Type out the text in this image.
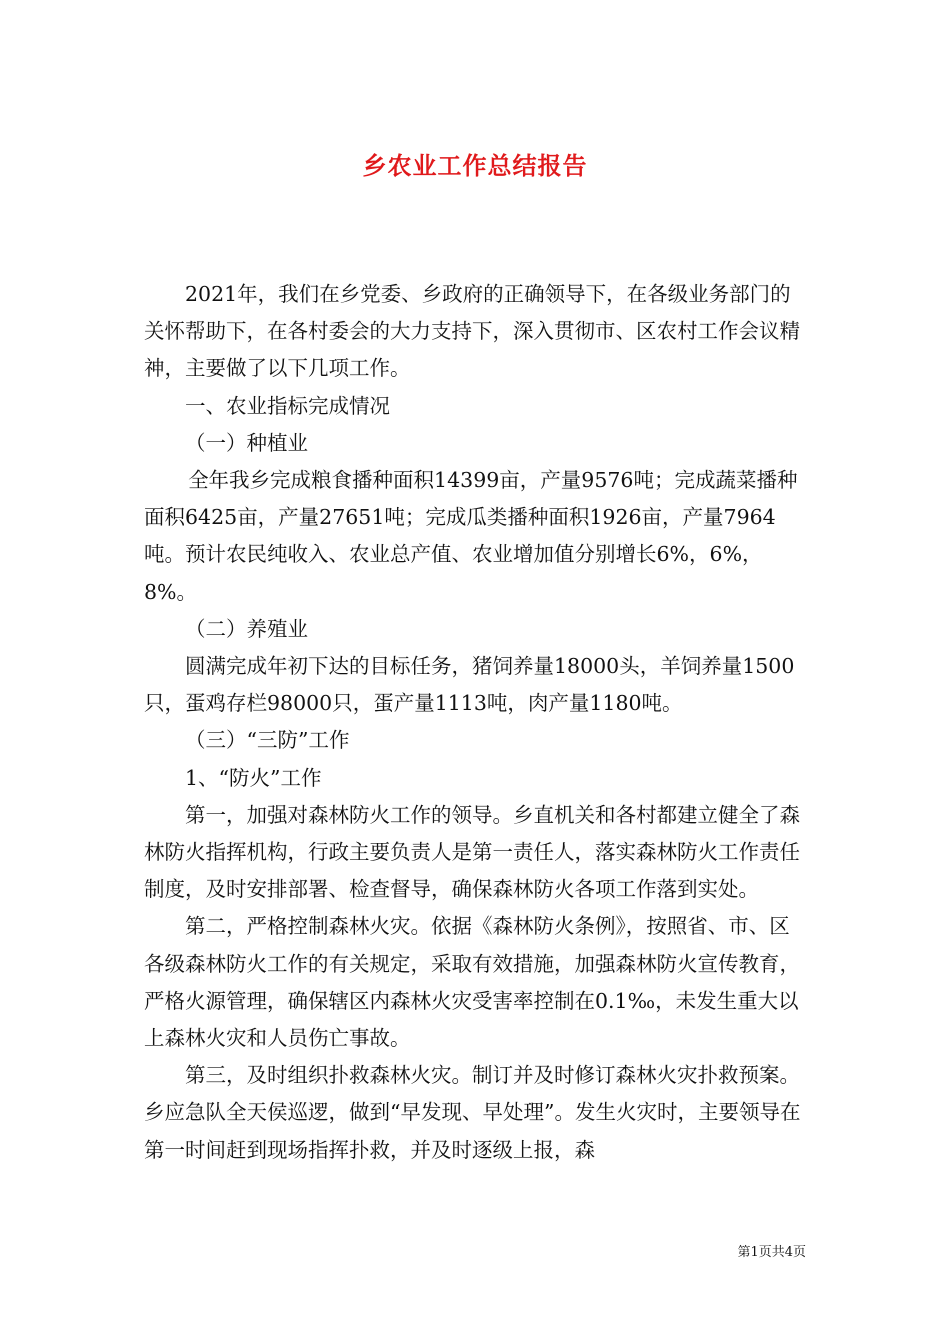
乡农业工作总结报告

2021年，我们在乡党委、乡政府的正确领导下，在各级业务部门的关怀帮助下，在各村委会的大力支持下，深入贯彻市、区农村工作会议精神，主要做了以下几项工作。

一、农业指标完成情况

（一）种植业

全年我乡完成粮食播种面积14399亩，产量9576吨；完成蔬菜播种面积6425亩，产量27651吨；完成瓜类播种面积1926亩，产量7964吨。预计农民纯收入、农业总产值、农业增加值分别增长6%，6%，8%。

（二）养殖业

圆满完成年初下达的目标任务，猪饲养量18000头，羊饲养量1500只，蛋鸡存栏98000只，蛋产量1113吨，肉产量1180吨。

（三）“三防”工作

1、“防火”工作

第一，加强对森林防火工作的领导。乡直机关和各村都建立健全了森林防火指挥机构，行政主要负责人是第一责任人，落实森林防火工作责任制度，及时安排部署、检查督导，确保森林防火各项工作落到实处。

第二，严格控制森林火灾。依据《森林防火条例》，按照省、市、区各级森林防火工作的有关规定，采取有效措施，加强森林防火宣传教育，严格火源管理，确保辖区内森林火灾受害率控制在0.1‰，未发生重大以上森林火灾和人员伤亡事故。

第三，及时组织扑救森林火灾。制订并及时修订森林火灾扑救预案。乡应急队全天侯巡逻，做到“早发现、早处理”。发生火灾时，主要领导在第一时间赶到现场指挥扑救，并及时逐级上报，森

第1页共4页
